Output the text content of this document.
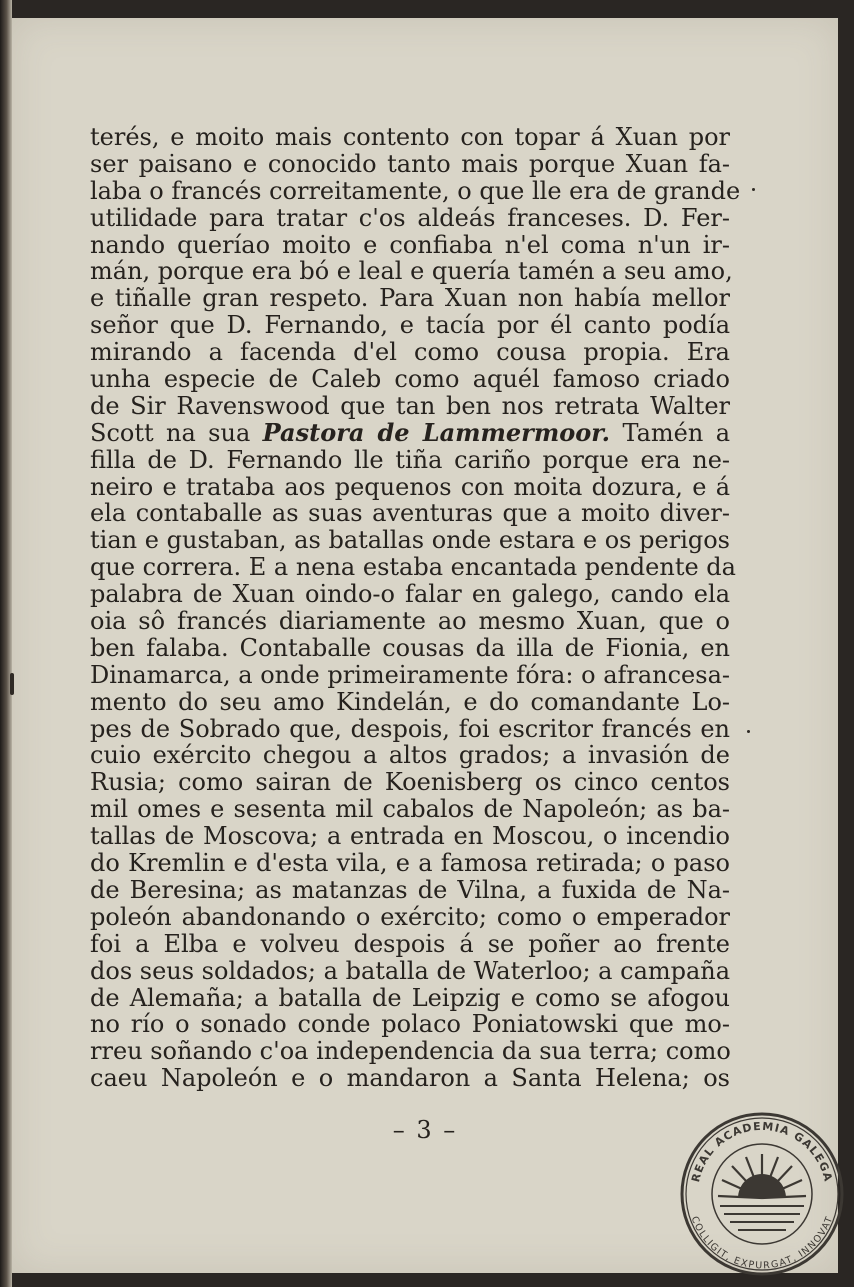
terés, e moito mais contento con topar á Xuan por
ser paisano e conocido tanto mais porque Xuan fa-
laba o francés correitamente, o que lle era de grande
utilidade para tratar c'os aldeás franceses. D. Fer-
nando queríao moito e confiaba n'el coma n'un ir-
mán, porque era bó e leal e quería tamén a seu amo,
e tiñalle gran respeto. Para Xuan non había mellor
señor que D. Fernando, e tacía por él canto podía
mirando a facenda d'el como cousa propia. Era
unha especie de Caleb como aquél famoso criado
de Sir Ravenswood que tan ben nos retrata Walter
Scott na sua Pastora de Lammermoor. Tamén a
filla de D. Fernando lle tiña cariño porque era ne-
neiro e trataba aos pequenos con moita dozura, e á
ela contaballe as suas aventuras que a moito diver-
tian e gustaban, as batallas onde estara e os perigos
que correra. E a nena estaba encantada pendente da
palabra de Xuan oindo-o falar en galego, cando ela
oia sô francés diariamente ao mesmo Xuan, que o
ben falaba. Contaballe cousas da illa de Fionia, en
Dinamarca, a onde primeiramente fóra: o afrancesa-
mento do seu amo Kindelán, e do comandante Lo-
pes de Sobrado que, despois, foi escritor francés en
cuio exército chegou a altos grados; a invasión de
Rusia; como sairan de Koenisberg os cinco centos
mil omes e sesenta mil cabalos de Napoleón; as ba-
tallas de Moscova; a entrada en Moscou, o incendio
do Kremlin e d'esta vila, e a famosa retirada; o paso
de Beresina; as matanzas de Vilna, a fuxida de Na-
poleón abandonando o exército; como o emperador
foi a Elba e volveu despois á se poñer ao frente
dos seus soldados; a batalla de Waterloo; a campaña
de Alemaña; a batalla de Leipzig e como se afogou
no río o sonado conde polaco Poniatowski que mo-
rreu soñando c'oa independencia da sua terra; como
caeu Napoleón e o mandaron a Santa Helena; os
– 3 –
REAL ACADEMIA GALEGA
COLLIGIT, EXPURGAT, INNOVAT
